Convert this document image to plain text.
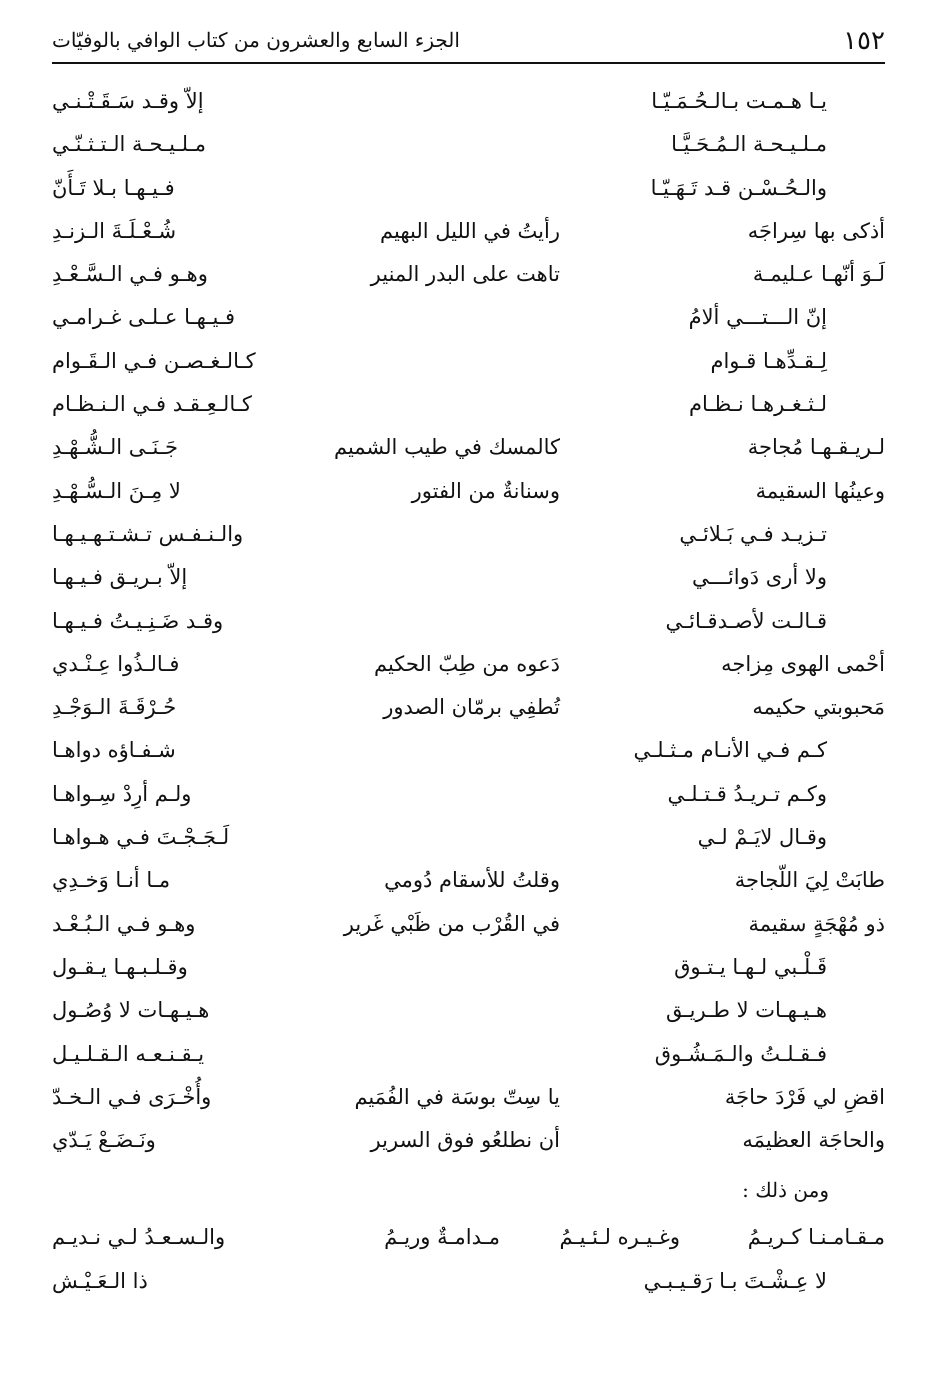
١٥٢
الجزء السابع والعشرون من كتاب الوافي بالوفيّات
يـا هـمـت بـالـحُـمَـيّـا
إلاّ وقـد سَـقَـتْـنـي
مـلـيـحـة الـمُـحَـيَّـا
مـلـيـحـة الـتـثـنّـي
والـحُـسْـن قـد تَـهَـيّـا
فـيـهـا بـلا تَـأَنّ
أذكى بها سِراجَه
رأيتُ في الليل البهيم
شُـعْـلَـةَ الـزنـدِ
لَـوَ أنّهـا عـليمـة
تاهت على البدر المنير
وهـو فـي الـسَّـعْـدِ
إنّ الـــتـــي ألامُ
فـيـهـا عـلـى غـرامـي
لِـقـدِّهـا قـوام
كـالـغـصـن فـي الـقَـوام
لـثـغـرهـا نـظـام
كـالـعِـقـد فـي الـنـظـام
لـريـقـهـا مُجاجة
كالمسك في طيب الشميم
جَـنَـى الـشُّـهْـدِ
وعينُها السقيمة
وسنانةٌ من الفتور
لا مِـنَ الـسُّـهْـدِ
تـزيـد فـي بَـلائـي
والـنـفـس تـشـتـهـيـهـا
ولا أرى دَوائـــي
إلاّ بـريـق فـيـهـا
قـالـت لأصـدقـائـي
وقـد ضَـنِـيـتُ فـيـهـا
أحْمى الهوى مِزاجه
دَعوه من طِبّ الحكيم
فـالـذُوا عِـنْـدي
مَحبوبتي حكيمه
تُطفِي برمّان الصدور
حُـرْقَـةَ الـوَجْـدِ
كـم فـي الأنـام مـثـلـي
شـفـاؤه دواهـا
وكـم تـريـدُ قـتـلـي
ولـم أرِدْ سِـواهـا
وقـال لايَـمْ لـي
لَـجَـجْـتَ فـي هـواهـا
طابَتْ لِيَ اللّجاجة
وقلتُ للأسقام دُومي
مـا أنـا وَخـدِي
ذو مُهْجَةٍ سقيمة
في القُرْب من ظَبْي غَرير
وهـو فـي الـبُـعْـد
قَـلْـبي لـهـا يـتـوق
وقـلـبـهـا يـقـول
هـيـهـات لا طـريـق
هـيـهـات لا وُصُـول
فـقـلـتُ والـمَـشُـوق
يـقـنـعـه الـقـلـيـل
اقضِ لي فَرْدَ حاجَة
يا سِتّ بوسَة في الفُمَيم
وأُخْـرَى فـي الـخـدّ
والحاجَة العظيمَه
أن نطلعُو فوق السرير
ونَـضَـعْ يَـدّي
ومن ذلك :
مـقـامـنـا كـريـمُ
وغـيـره لـئـيـمُ
مـدامـةٌ وريـمُ
والـسـعـدُ لـي نـديـم
لا عِـشْـتَ بـا رَقـيـبـي
ذا الـعَـيْـش
